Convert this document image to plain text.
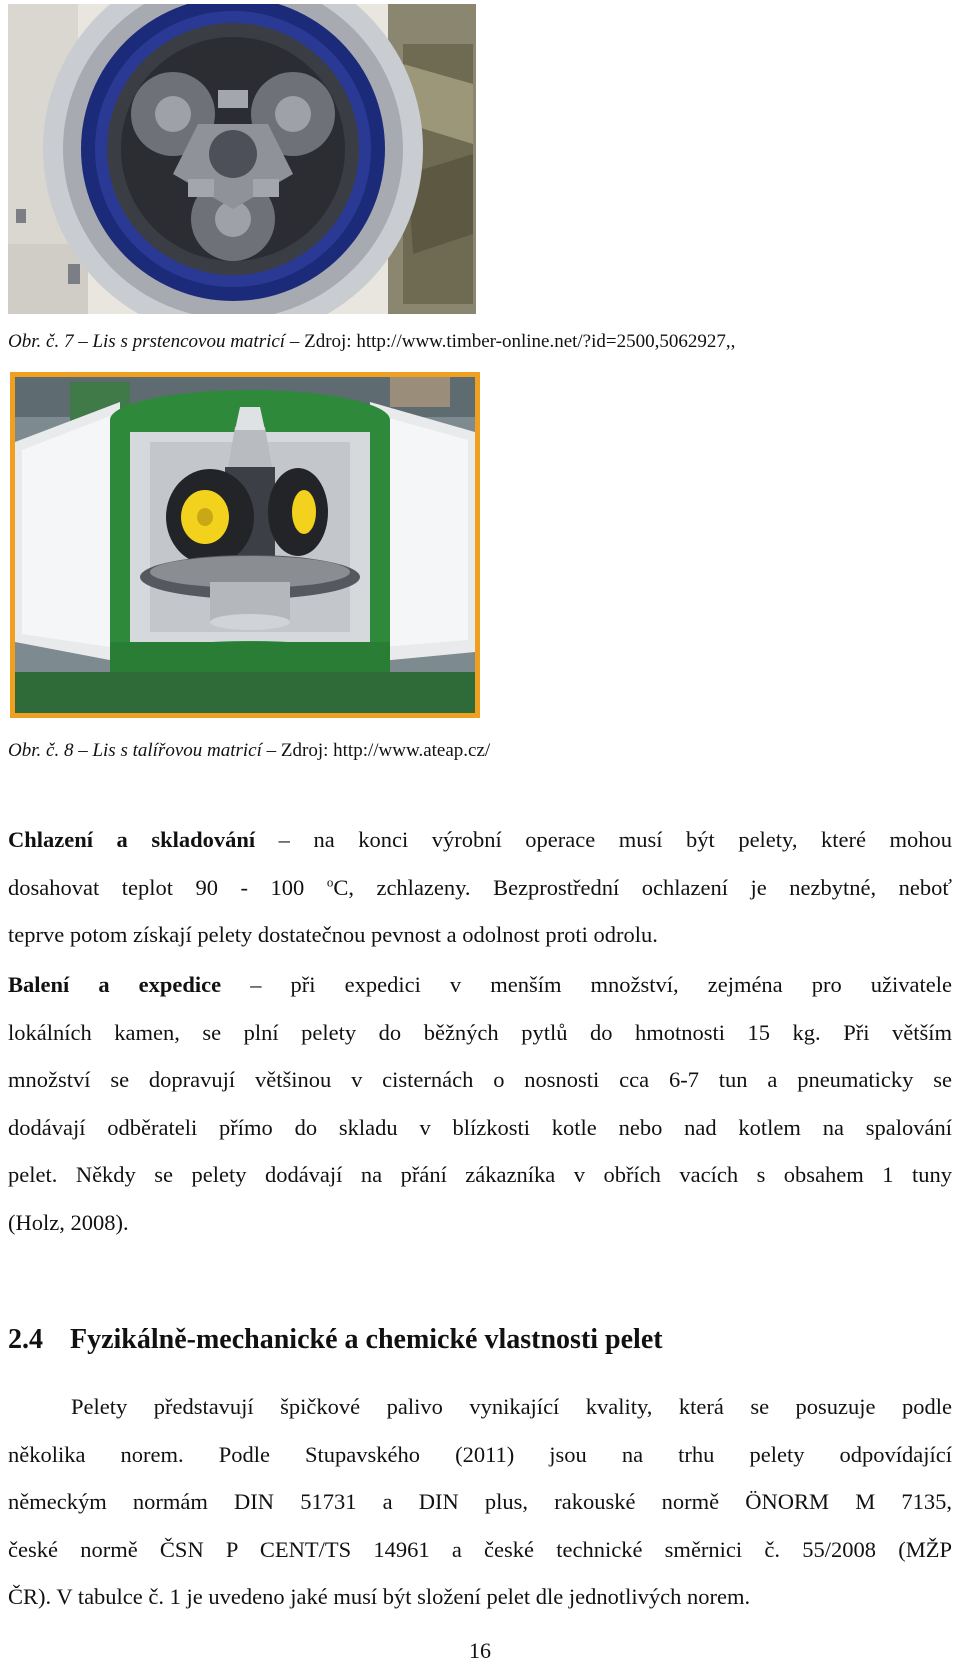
Obr. č. 7 – Lis s prstencovou matricí – Zdroj: http://www.timber-online.net/?id=2500,5062927,,
Obr. č. 8 – Lis s talířovou matricí – Zdroj: http://www.ateap.cz/
Chlazení a skladování – na konci výrobní operace musí být pelety, které mohou
dosahovat teplot 90 - 100 $^o$C, zchlazeny. Bezprostřední ochlazení je nezbytné, neboť
teprve potom získají pelety dostatečnou pevnost a odolnost proti odrolu.
Balení a expedice – při expedici v menším množství, zejména pro uživatele
lokálních kamen, se plní pelety do běžných pytlů do hmotnosti 15 kg. Při větším
množství se dopravují většinou v cisternách o nosnosti cca 6-7 tun a pneumaticky se
dodávají odběrateli přímo do skladu v blízkosti kotle nebo nad kotlem na spalování
pelet. Někdy se pelety dodávají na přání zákazníka v obřích vacích s obsahem 1 tuny
(Holz, 2008).
2.4 Fyzikálně-mechanické a chemické vlastnosti pelet
Pelety představují špičkové palivo vynikající kvality, která se posuzuje podle
několika norem. Podle Stupavského (2011) jsou na trhu pelety odpovídající
německým normám DIN 51731 a DIN plus, rakouské normě ÖNORM M 7135,
české normě ČSN P CENT/TS 14961 a české technické směrnici č. 55/2008 (MŽP
ČR). V tabulce č. 1 je uvedeno jaké musí být složení pelet dle jednotlivých norem.
16
